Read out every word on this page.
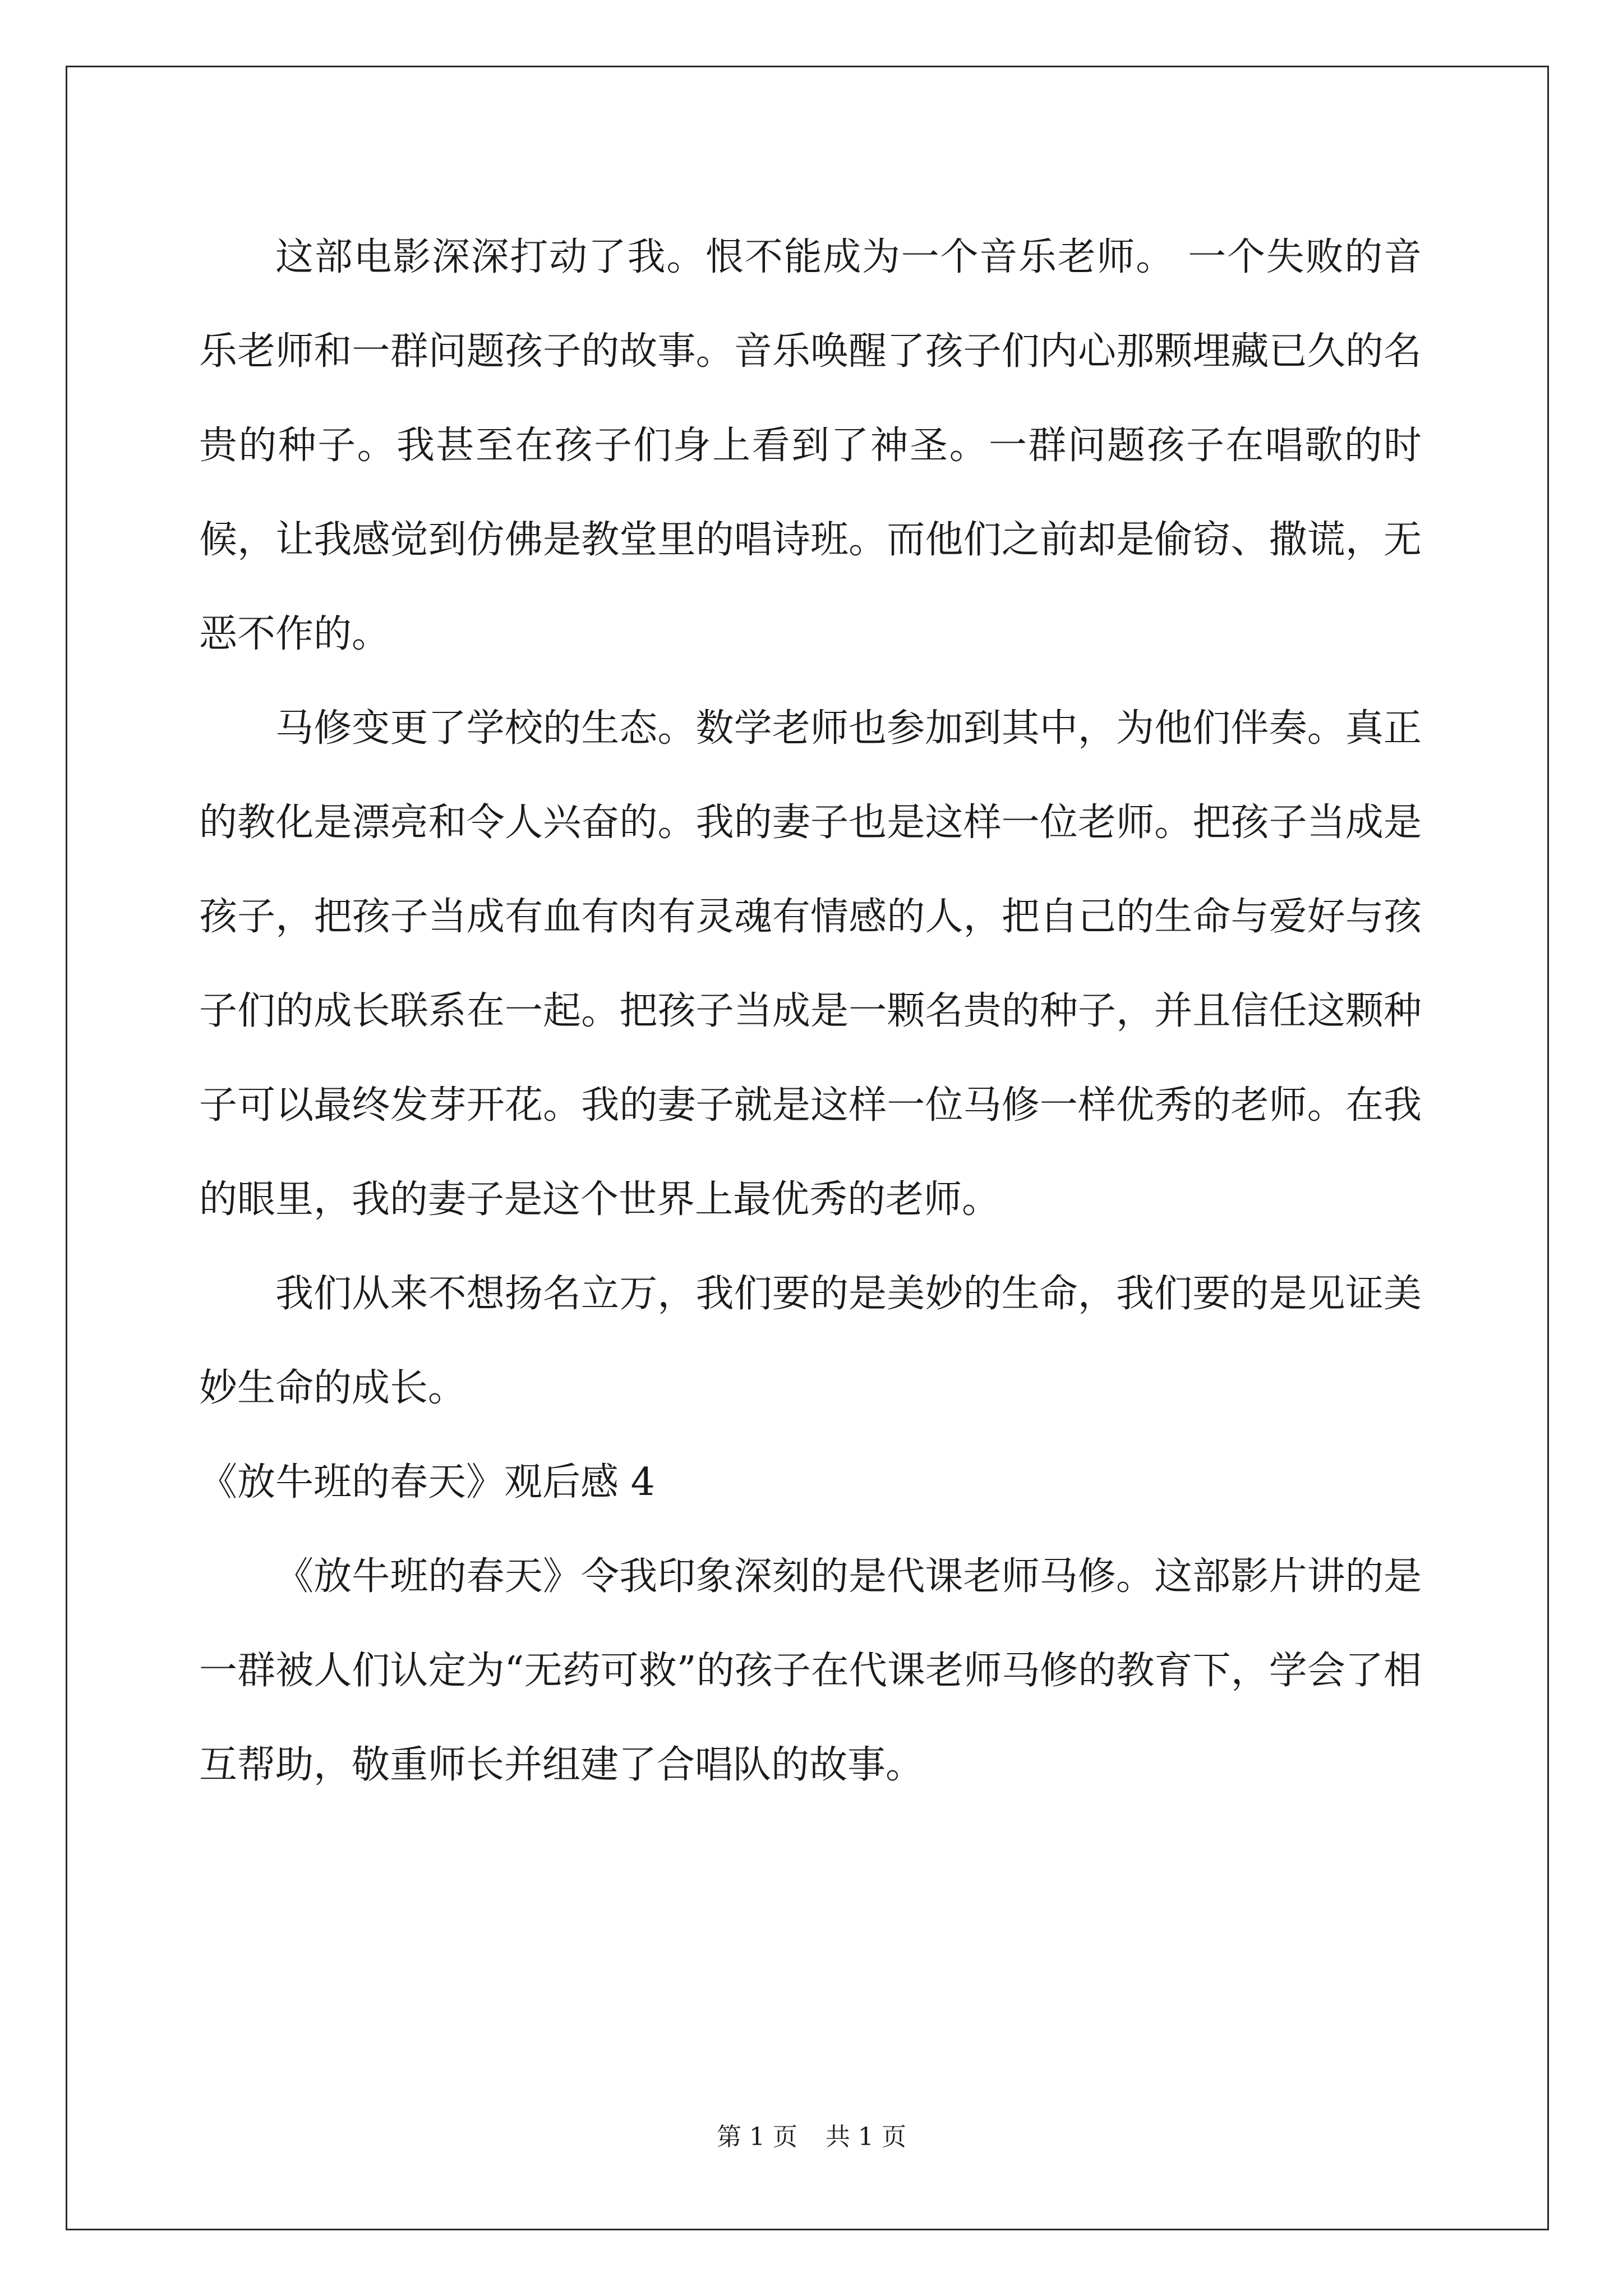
这部电影深深打动了我。恨不能成为一个音乐老师。 一个失败的音乐老师和一群问题孩子的故事。音乐唤醒了孩子们内心那颗埋藏已久的名贵的种子。我甚至在孩子们身上看到了神圣。一群问题孩子在唱歌的时候，让我感觉到仿佛是教堂里的唱诗班。而他们之前却是偷窃、撒谎，无恶不作的。

马修变更了学校的生态。数学老师也参加到其中，为他们伴奏。真正的教化是漂亮和令人兴奋的。我的妻子也是这样一位老师。把孩子当成是孩子，把孩子当成有血有肉有灵魂有情感的人，把自己的生命与爱好与孩子们的成长联系在一起。把孩子当成是一颗名贵的种子，并且信任这颗种子可以最终发芽开花。我的妻子就是这样一位马修一样优秀的老师。在我的眼里，我的妻子是这个世界上最优秀的老师。

我们从来不想扬名立万，我们要的是美妙的生命，我们要的是见证美妙生命的成长。

《放牛班的春天》观后感 4

《放牛班的春天》令我印象深刻的是代课老师马修。这部影片讲的是一群被人们认定为“无药可救”的孩子在代课老师马修的教育下，学会了相互帮助，敬重师长并组建了合唱队的故事。

第 1 页 共 1 页
